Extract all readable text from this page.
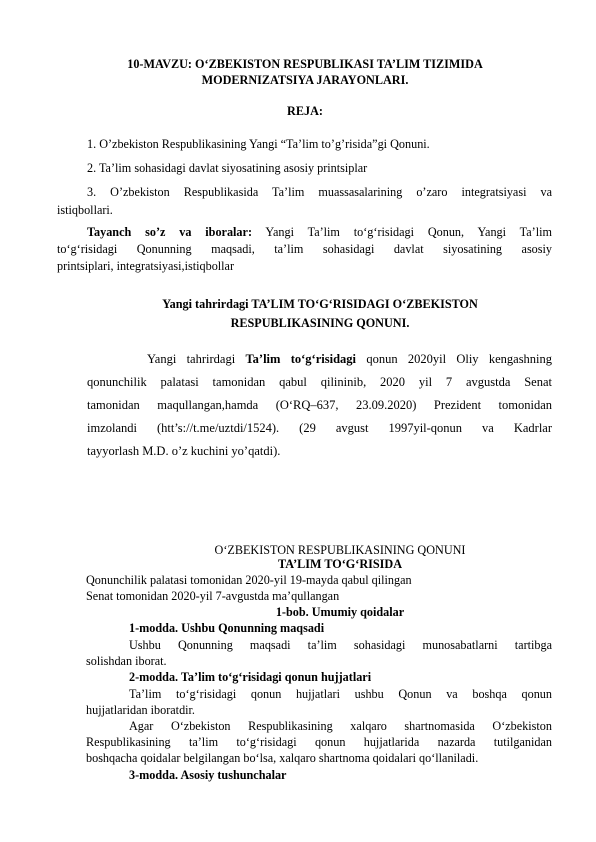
10-MAVZU: O‘ZBEKISTON RESPUBLIKASI TA’LIM TIZIMIDA
MODERNIZATSIYA JARAYONLARI.
REJA:
1. O’zbekiston Respublikasining Yangi “Ta’lim to’g’risida”gi Qonuni.
2. Ta’lim sohasidagi davlat siyosatining asosiy printsiplar
3. O’zbekiston Respublikasida Ta’lim muassasalarining o’zaro integratsiyasi va
istiqbollari.
Tayanch so’z va iboralar: Yangi Ta’lim to‘g‘risidagi Qonun, Yangi Ta’lim
to‘g‘risidagi Qonunning maqsadi, ta’lim sohasidagi davlat siyosatining asosiy
printsiplari, integratsiyasi,istiqbollar
Yangi tahrirdagi TA’LIM TO‘G‘RISIDAGI O‘ZBEKISTON
RESPUBLIKASINING QONUNI.
Yangi tahrirdagi Ta’lim to‘g‘risidagi qonun 2020yil Oliy kengashning
qonunchilik palatasi tamonidan qabul qilininib, 2020 yil 7 avgustda Senat
tamonidan maqullangan,hamda (O‘RQ–637, 23.09.2020) Prezident tomonidan
imzolandi (htt’s://t.me/uztdi/1524). (29 avgust 1997yil-qonun va Kadrlar
tayyorlash M.D. o’z kuchini yo’qatdi).
O‘ZBEKISTON RESPUBLIKASINING QONUNI
TA’LIM TO‘G‘RISIDA
Qonunchilik palatasi tomonidan 2020-yil 19-mayda qabul qilingan
Senat tomonidan 2020-yil 7-avgustda ma’qullangan
1-bob. Umumiy qoidalar
1-modda. Ushbu Qonunning maqsadi
Ushbu Qonunning maqsadi ta’lim sohasidagi munosabatlarni tartibga
solishdan iborat.
2-modda. Ta’lim to‘g‘risidagi qonun hujjatlari
Ta’lim to‘g‘risidagi qonun hujjatlari ushbu Qonun va boshqa qonun
hujjatlaridan iboratdir.
Agar O‘zbekiston Respublikasining xalqaro shartnomasida O‘zbekiston
Respublikasining ta’lim to‘g‘risidagi qonun hujjatlarida nazarda tutilganidan
boshqacha qoidalar belgilangan bo‘lsa, xalqaro shartnoma qoidalari qo‘llaniladi.
3-modda. Asosiy tushunchalar
